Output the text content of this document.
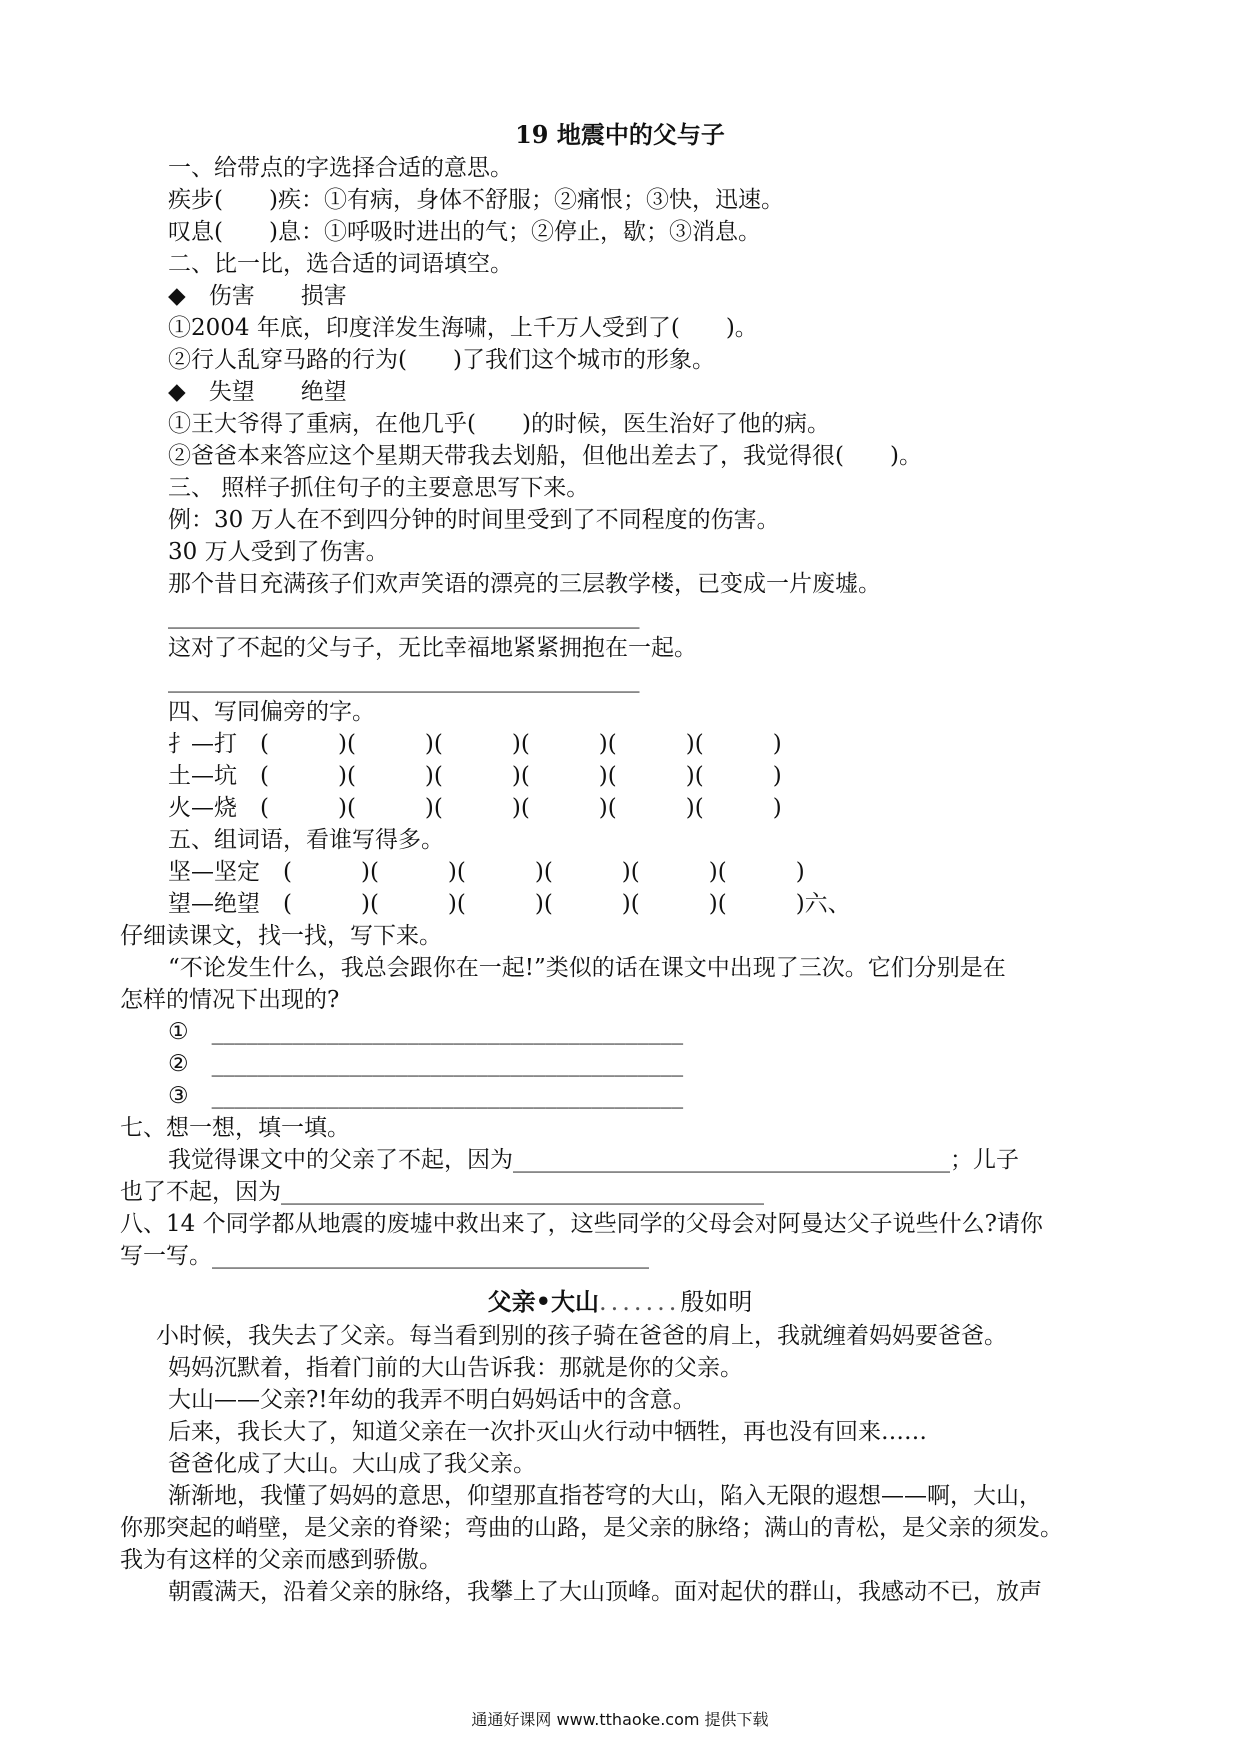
19 地震中的父与子
一、给带点的字选择合适的意思。
疾步(　　)疾：①有病，身体不舒服；②痛恨；③快，迅速。
叹息(　　)息：①呼吸时进出的气；②停止，歇；③消息。
二、比一比，选合适的词语填空。
◆　伤害　　损害
①2004 年底，印度洋发生海啸，上千万人受到了(　　)。
②行人乱穿马路的行为(　　)了我们这个城市的形象。
◆　失望　　绝望
①王大爷得了重病，在他几乎(　　)的时候，医生治好了他的病。
②爸爸本来答应这个星期天带我去划船，但他出差去了，我觉得很(　　)。
三、 照样子抓住句子的主要意思写下来。
例：30 万人在不到四分钟的时间里受到了不同程度的伤害。
30 万人受到了伤害。
那个昔日充满孩子们欢声笑语的漂亮的三层教学楼，已变成一片废墟。
_________________________________________
这对了不起的父与子，无比幸福地紧紧拥抱在一起。
_________________________________________
四、写同偏旁的字。
扌—打　(　　　)(　　　)(　　　)(　　　)(　　　)(　　　)
土—坑　(　　　)(　　　)(　　　)(　　　)(　　　)(　　　)
火—烧　(　　　)(　　　)(　　　)(　　　)(　　　)(　　　)
五、组词语，看谁写得多。
坚—坚定　(　　　)(　　　)(　　　)(　　　)(　　　)(　　　)
望—绝望　(　　　)(　　　)(　　　)(　　　)(　　　)(　　　)六、
仔细读课文，找一找，写下来。
“不论发生什么，我总会跟你在一起!”类似的话在课文中出现了三次。它们分别是在
怎样的情况下出现的?
①　_________________________________________
②　_________________________________________
③　_________________________________________
七、想一想，填一填。
我觉得课文中的父亲了不起，因为______________________________________；儿子
也了不起，因为__________________________________________
八、14 个同学都从地震的废墟中救出来了，这些同学的父母会对阿曼达父子说些什么?请你
写一写。______________________________________
父亲•大山.......殷如明
小时候，我失去了父亲。每当看到别的孩子骑在爸爸的肩上，我就缠着妈妈要爸爸。
妈妈沉默着，指着门前的大山告诉我：那就是你的父亲。
大山——父亲?!年幼的我弄不明白妈妈话中的含意。
后来，我长大了，知道父亲在一次扑灭山火行动中牺牲，再也没有回来……
爸爸化成了大山。大山成了我父亲。
渐渐地，我懂了妈妈的意思，仰望那直指苍穹的大山，陷入无限的遐想——啊，大山，
你那突起的峭壁，是父亲的脊梁；弯曲的山路，是父亲的脉络；满山的青松，是父亲的须发。
我为有这样的父亲而感到骄傲。
朝霞满天，沿着父亲的脉络，我攀上了大山顶峰。面对起伏的群山，我感动不已，放声
通通好课网 www.tthaoke.com 提供下载
